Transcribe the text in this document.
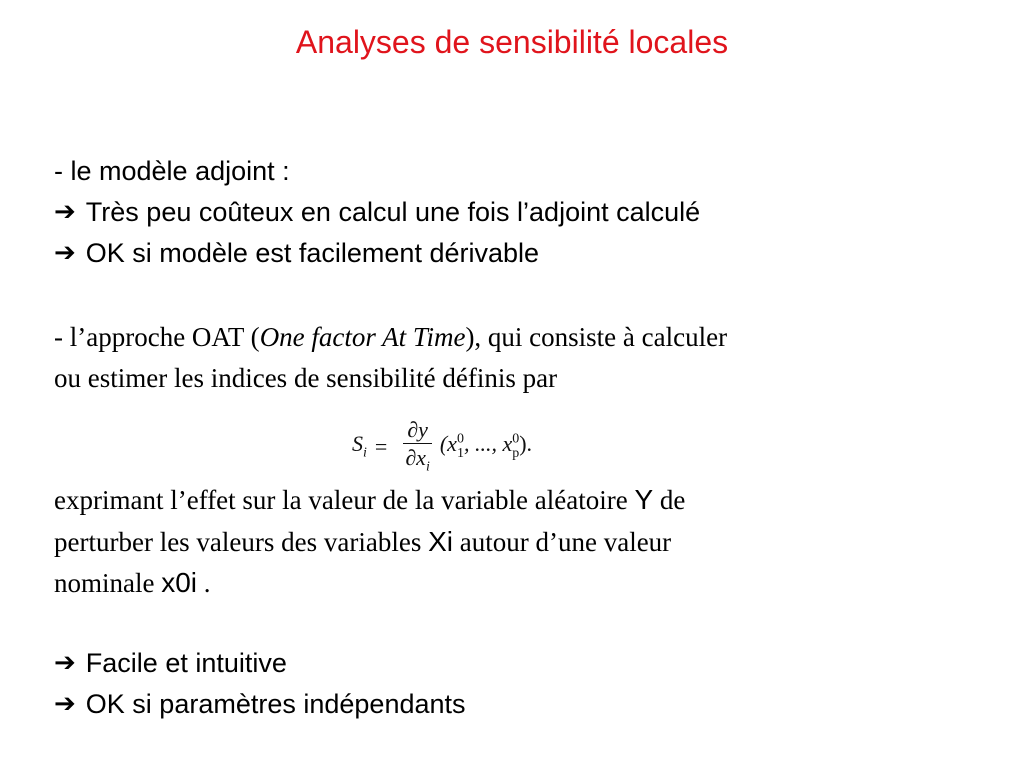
Analyses de sensibilité locales
- le modèle adjoint :
➔ Très peu coûteux en calcul une fois l’adjoint calculé
➔ OK si modèle est facilement dérivable
- l’approche OAT (One factor At Time), qui consiste à calculer
ou estimer les indices de sensibilité définis par
$S_i = \frac{\partial y}{\partial x_i} (x^0_1$, ..., $x^0_p$).
exprimant l’effet sur la valeur de la variable aléatoire Y de
perturber les valeurs des variables Xi autour d’une valeur
nominale x0i .
➔ Facile et intuitive
➔ OK si paramètres indépendants
